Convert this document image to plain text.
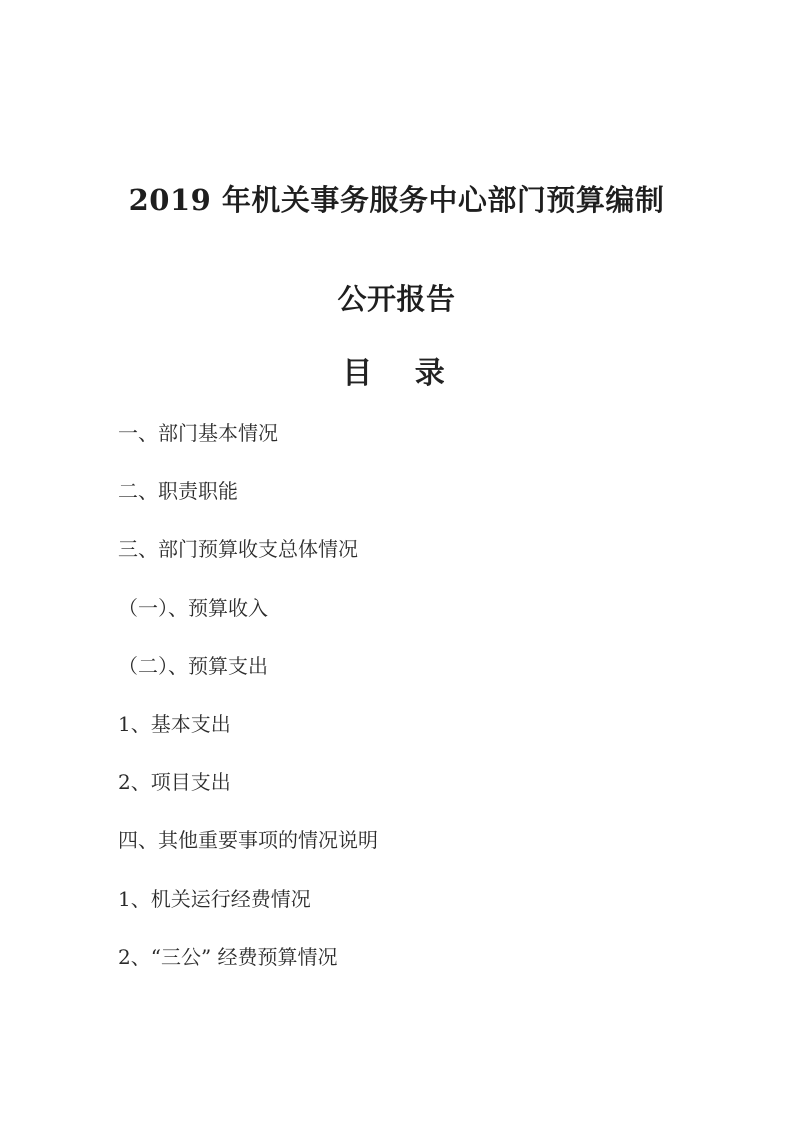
2019 年机关事务服务中心部门预算编制
公开报告
目 录
一、部门基本情况
二、职责职能
三、部门预算收支总体情况
（一）、预算收入
（二）、预算支出
1、基本支出
2、项目支出
四、其他重要事项的情况说明
1、机关运行经费情况
2、“三公” 经费预算情况
